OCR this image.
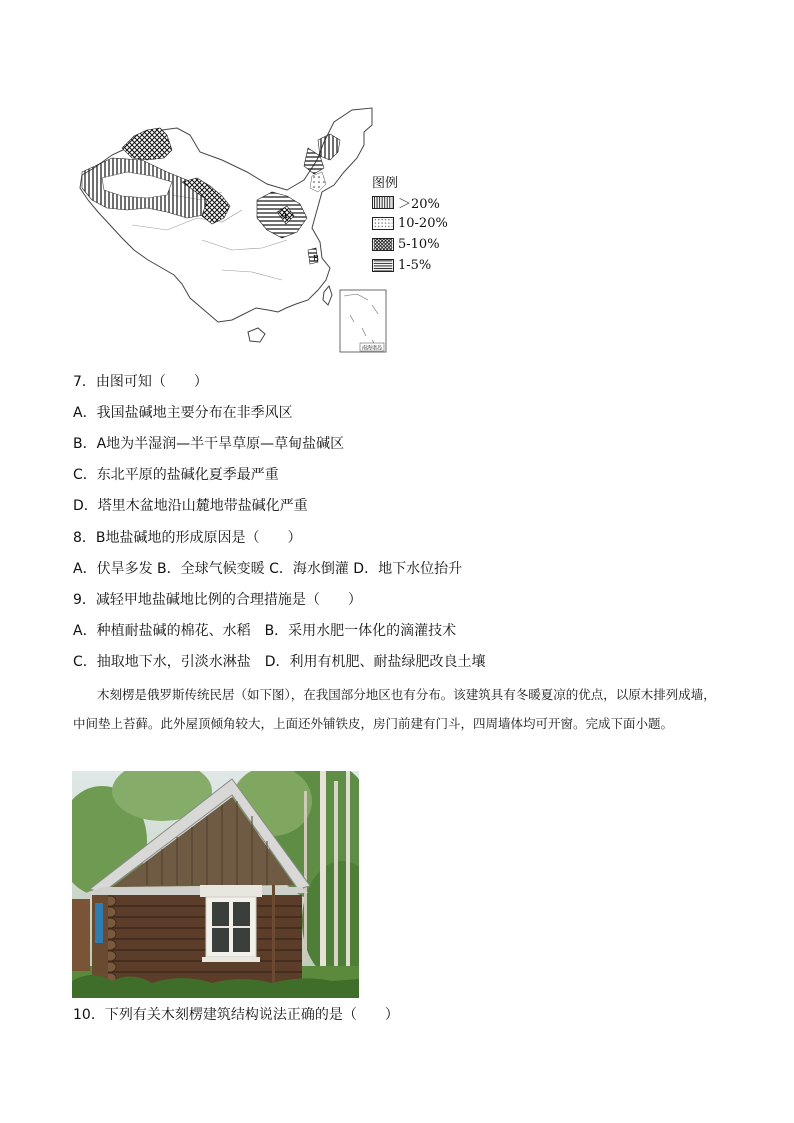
A
B
南海诸岛
图例
＞20%
10-20%
5-10%
1-5%
7．由图可知（　　）
A．我国盐碱地主要分布在非季风区
B．A地为半湿润—半干旱草原—草甸盐碱区
C．东北平原的盐碱化夏季最严重
D．塔里木盆地沿山麓地带盐碱化严重
8．B地盐碱地的形成原因是（　　）
A．伏旱多发 B．全球气候变暖 C．海水倒灌 D．地下水位抬升
9．减轻甲地盐碱地比例的合理措施是（　　）
A．种植耐盐碱的棉花、水稻　B．采用水肥一体化的滴灌技术
C．抽取地下水，引淡水淋盐　D．利用有机肥、耐盐绿肥改良土壤

木刻楞是俄罗斯传统民居（如下图），在我国部分地区也有分布。该建筑具有冬暖夏凉的优点，以原木排列成墙，中间垫上苔藓。此外屋顶倾角较大，上面还外铺铁皮，房门前建有门斗，四周墙体均可开窗。完成下面小题。

10．下列有关木刻楞建筑结构说法正确的是（　　）
